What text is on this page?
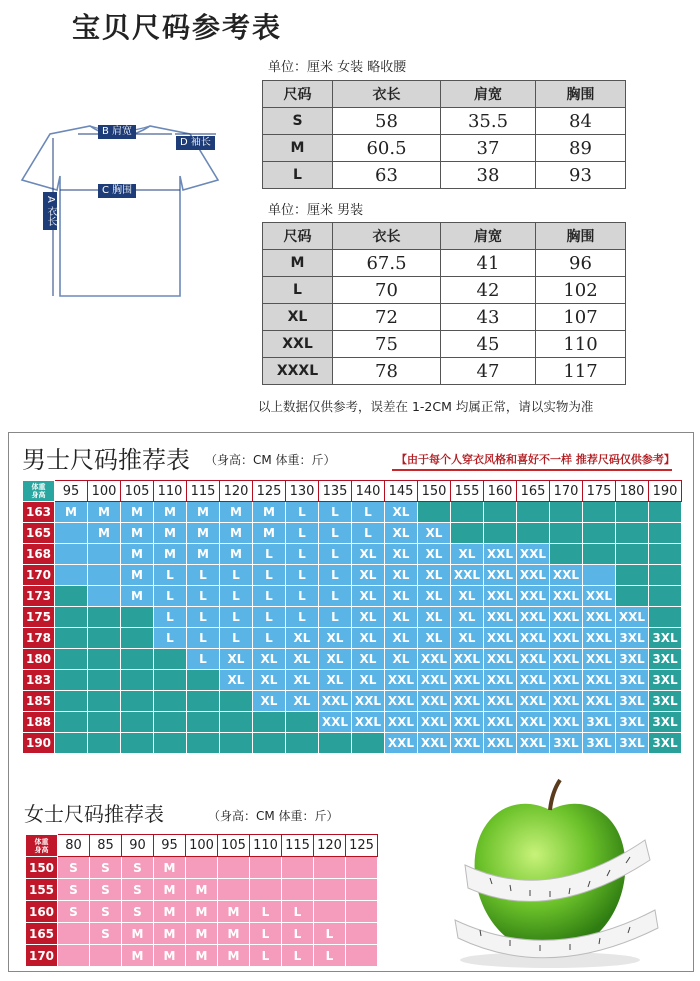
宝贝尺码参考表
B 肩宽
D 袖长
C 胸围
A 衣长
单位：厘米 女装 略收腰
尺码	衣长	肩宽	胸围
S	58	35.5	84
M	60.5	37	89
L	63	38	93
单位：厘米 男装
尺码	衣长	肩宽	胸围
M	67.5	41	96
L	70	42	102
XL	72	43	107
XXL	75	45	110
XXXL	78	47	117
以上数据仅供参考，误差在 1-2CM 均属正常，请以实物为准
男士尺码推荐表 （身高：CM 体重：斤）	【由于每个人穿衣风格和喜好不一样 推荐尺码仅供参考】
体重
身高	95	100	105	110	115	120	125	130	135	140	145	150	155	160	165	170	175	180	190
163	M	M	M	M	M	M	M	L	L	L	XL								
165		M	M	M	M	M	M	L	L	L	XL	XL							
168			M	M	M	M	L	L	L	XL	XL	XL	XL	XXL	XXL				
170			M	L	L	L	L	L	L	XL	XL	XL	XXL	XXL	XXL	XXL			
173			M	L	L	L	L	L	L	XL	XL	XL	XL	XXL	XXL	XXL	XXL		
175				L	L	L	L	L	L	XL	XL	XL	XL	XXL	XXL	XXL	XXL	XXL	
178				L	L	L	L	XL	XL	XL	XL	XL	XL	XXL	XXL	XXL	XXL	3XL	3XL
180					L	XL	XL	XL	XL	XL	XL	XXL	XXL	XXL	XXL	XXL	XXL	3XL	3XL
183						XL	XL	XL	XL	XL	XXL	XXL	XXL	XXL	XXL	XXL	XXL	3XL	3XL
185							XL	XL	XXL	XXL	XXL	XXL	XXL	XXL	XXL	XXL	XXL	3XL	3XL
188									XXL	XXL	XXL	XXL	XXL	XXL	XXL	XXL	3XL	3XL	3XL
190											XXL	XXL	XXL	XXL	XXL	3XL	3XL	3XL	3XL
女士尺码推荐表	（身高：CM 体重：斤）
体重
身高	80	85	90	95	100	105	110	115	120	125
150	S	S	S	M						
155	S	S	S	M	M					
160	S	S	S	M	M	M	L	L		
165		S	M	M	M	M	L	L	L	
170			M	M	M	M	L	L	L	
